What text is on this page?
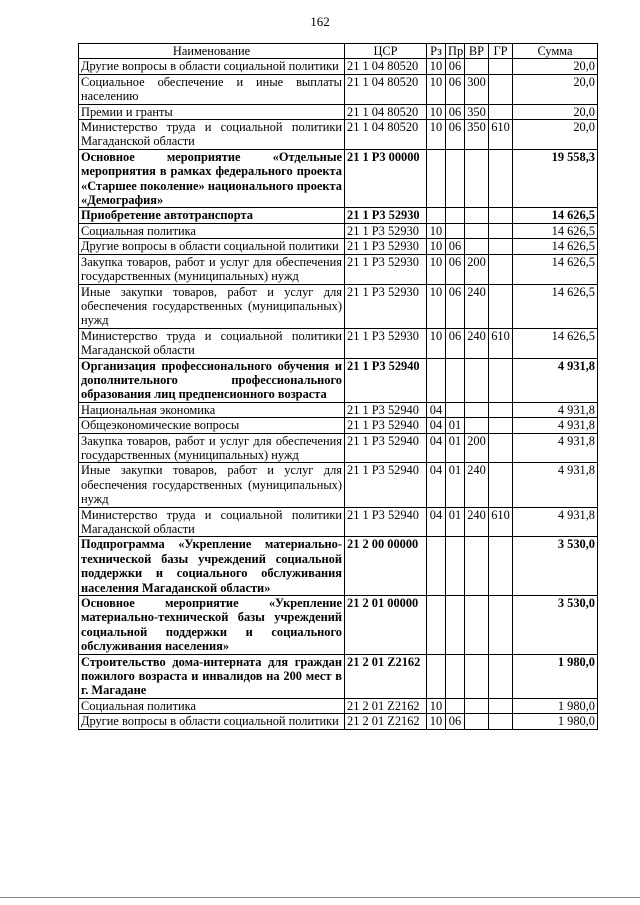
162
Наименование	ЦСР	Рз	Пр	ВР	ГР	Сумма
Другие вопросы в области социальной политики	21 1 04 80520	10	06			20,0
Социальное обеспечение и иные выплаты населению	21 1 04 80520	10	06	300		20,0
Премии и гранты	21 1 04 80520	10	06	350		20,0
Министерство труда и социальной политики Магаданской области	21 1 04 80520	10	06	350	610	20,0
Основное мероприятие «Отдельные мероприятия в рамках федерального проекта «Старшее поколение» национального проекта «Демография»	21 1 P3 00000					19 558,3
Приобретение автотранспорта	21 1 P3 52930					14 626,5
Социальная политика	21 1 P3 52930	10				14 626,5
Другие вопросы в области социальной политики	21 1 P3 52930	10	06			14 626,5
Закупка товаров, работ и услуг для обеспечения государственных (муниципальных) нужд	21 1 P3 52930	10	06	200		14 626,5
Иные закупки товаров, работ и услуг для обеспечения государственных (муниципальных) нужд	21 1 P3 52930	10	06	240		14 626,5
Министерство труда и социальной политики Магаданской области	21 1 P3 52930	10	06	240	610	14 626,5
Организация профессионального обучения и дополнительного профессионального образования лиц предпенсионного возраста	21 1 P3 52940					4 931,8
Национальная экономика	21 1 P3 52940	04				4 931,8
Общеэкономические вопросы	21 1 P3 52940	04	01			4 931,8
Закупка товаров, работ и услуг для обеспечения государственных (муниципальных) нужд	21 1 P3 52940	04	01	200		4 931,8
Иные закупки товаров, работ и услуг для обеспечения государственных (муниципальных) нужд	21 1 P3 52940	04	01	240		4 931,8
Министерство труда и социальной политики Магаданской области	21 1 P3 52940	04	01	240	610	4 931,8
Подпрограмма «Укрепление материально-технической базы учреждений социальной поддержки и социального обслуживания населения Магаданской области»	21 2 00 00000					3 530,0
Основное мероприятие «Укрепление материально-технической базы учреждений социальной поддержки и социального обслуживания населения»	21 2 01 00000					3 530,0
Строительство дома-интерната для граждан пожилого возраста и инвалидов на 200 мест в г. Магадане	21 2 01 Z2162					1 980,0
Социальная политика	21 2 01 Z2162	10				1 980,0
Другие вопросы в области социальной политики	21 2 01 Z2162	10	06			1 980,0
